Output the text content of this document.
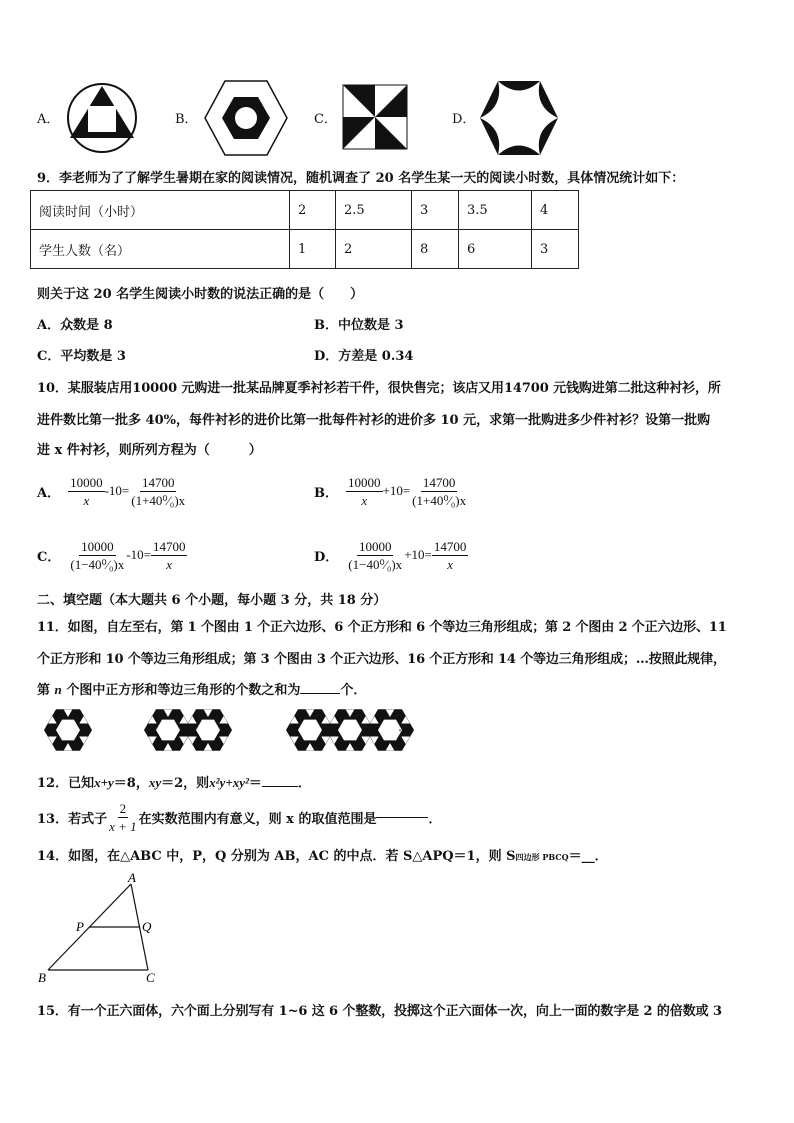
A．	B．	C．	D．
9．李老师为了了解学生暑期在家的阅读情况，随机调查了 20 名学生某一天的阅读小时数，具体情况统计如下：
阅读时间（小时）	2	2.5	3	3.5	4
学生人数（名）	1	2	8	6	3
则关于这 20 名学生阅读小时数的说法正确的是（　　）
A．众数是 8	B．中位数是 3
C．平均数是 3	D．方差是 0.34
10．某服装店用10000 元购进一批某品牌夏季衬衫若干件，很快售完；该店又用14700 元钱购进第二批这种衬衫，所
进件数比第一批多 40%，每件衬衫的进价比第一批每件衬衫的进价多 10 元，求第一批购进多少件衬衫？设第一批购
进 x 件衬衫，则所列方程为（　　　）
A． $\frac{10000}{x} -10= \frac{14700}{\text{(1+40⁰⁄₀)x}}$	B． $\frac{10000}{x} +10= \frac{14700}{\text{(1+40⁰⁄₀)x}}$
C． $\frac{10000}{\text{(1−40⁰⁄₀)x}} -10= \frac{14700}{x}$	D． $\frac{10000}{\text{(1−40⁰⁄₀)x}} +10= \frac{14700}{x}$
二、填空题（本大题共 6 个小题，每小题 3 分，共 18 分）
11．如图，自左至右，第 1 个图由 1 个正六边形、6 个正方形和 6 个等边三角形组成；第 2 个图由 2 个正六边形、11
个正方形和 10 个等边三角形组成；第 3 个图由 3 个正六边形、16 个正方形和 14 个等边三角形组成；…按照此规律，
第 n 个图中正方形和等边三角形的个数之和为	个．
…
12．已知x+y＝8，xy＝2，则x²y+xy²＝	．
13．若式子 $\frac{2}{x + 1}$ 在实数范围内有意义，则 x 的取值范围是	．
14．如图，在△ABC 中，P，Q 分别为 AB，AC 的中点．若 S△APQ＝1，则 S四边形 PBCQ＝__．
A
P	Q
B	C
15．有一个正六面体，六个面上分别写有 1~6 这 6 个整数，投掷这个正六面体一次，向上一面的数字是 2 的倍数或 3
